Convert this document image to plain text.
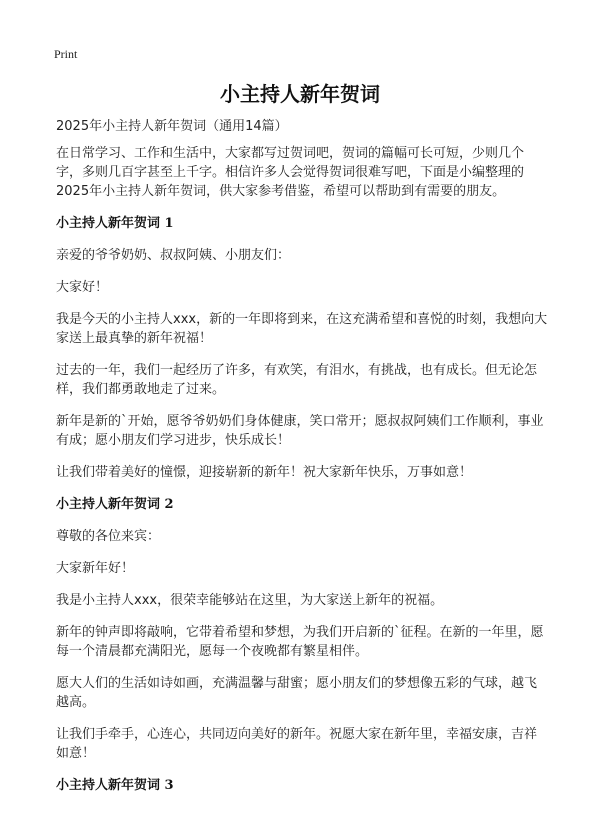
Print
小主持人新年贺词

2025年小主持人新年贺词（通用14篇）

在日常学习、工作和生活中，大家都写过贺词吧，贺词的篇幅可长可短，少则几个字，多则几百字甚至上千字。相信许多人会觉得贺词很难写吧，下面是小编整理的2025年小主持人新年贺词，供大家参考借鉴，希望可以帮助到有需要的朋友。

小主持人新年贺词 1

亲爱的爷爷奶奶、叔叔阿姨、小朋友们：

大家好！

我是今天的小主持人xxx，新的一年即将到来，在这充满希望和喜悦的时刻，我想向大家送上最真挚的新年祝福！

过去的一年，我们一起经历了许多，有欢笑，有泪水，有挑战，也有成长。但无论怎样，我们都勇敢地走了过来。

新年是新的`开始，愿爷爷奶奶们身体健康，笑口常开；愿叔叔阿姨们工作顺利，事业有成；愿小朋友们学习进步，快乐成长！

让我们带着美好的憧憬，迎接崭新的新年！祝大家新年快乐，万事如意！

小主持人新年贺词 2

尊敬的各位来宾：

大家新年好！

我是小主持人xxx，很荣幸能够站在这里，为大家送上新年的祝福。

新年的钟声即将敲响，它带着希望和梦想，为我们开启新的`征程。在新的一年里，愿每一个清晨都充满阳光，愿每一个夜晚都有繁星相伴。

愿大人们的生活如诗如画，充满温馨与甜蜜；愿小朋友们的梦想像五彩的气球，越飞越高。

让我们手牵手，心连心，共同迈向美好的新年。祝愿大家在新年里，幸福安康，吉祥如意！

小主持人新年贺词 3
